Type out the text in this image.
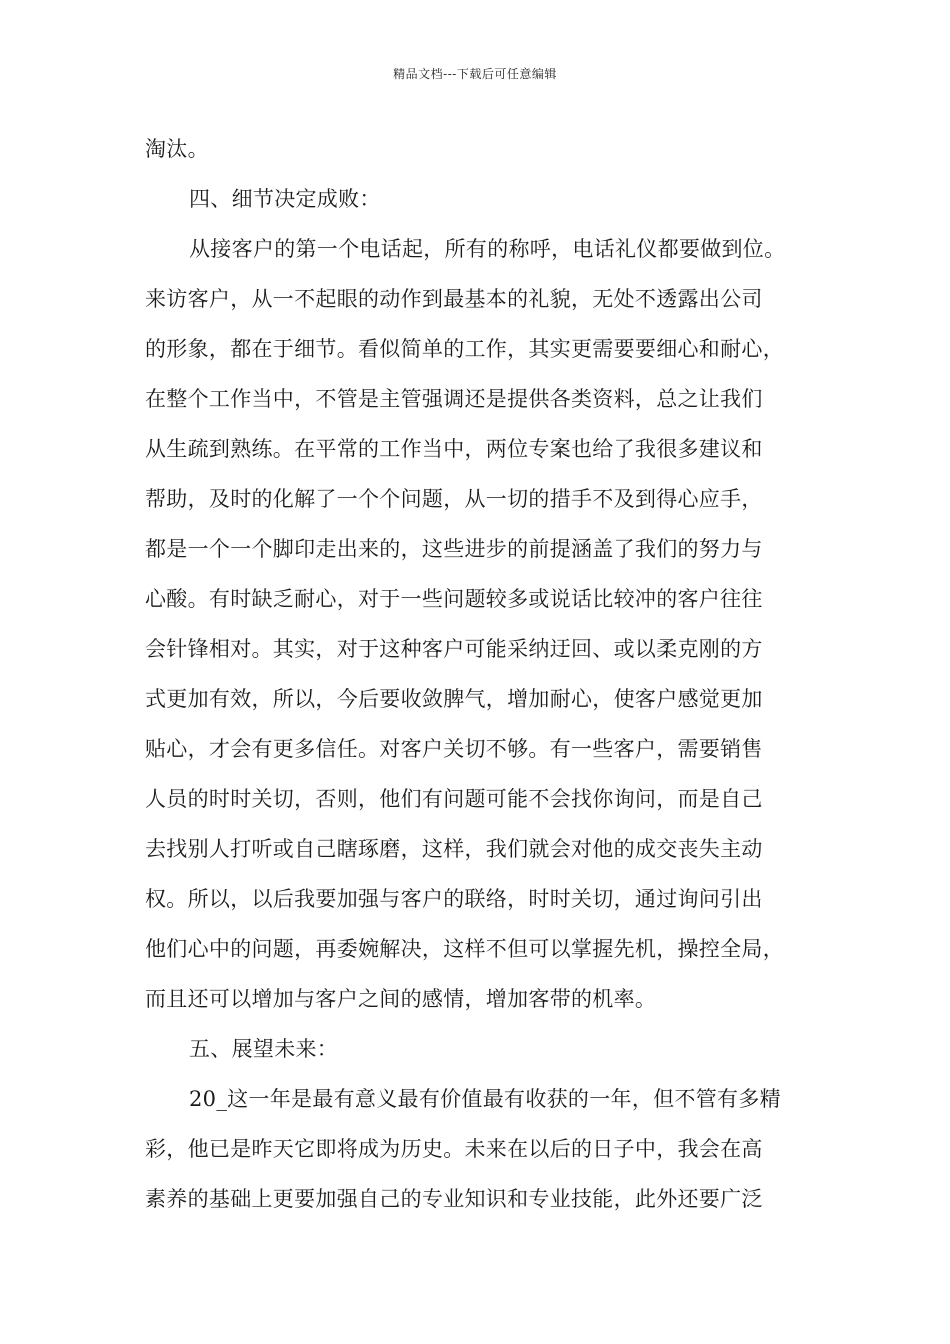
精品文档---下载后可任意编辑
淘汰。
四、细节决定成败：
从接客户的第一个电话起，所有的称呼，电话礼仪都要做到位。
来访客户，从一不起眼的动作到最基本的礼貌，无处不透露出公司
的形象，都在于细节。看似简单的工作，其实更需要要细心和耐心，
在整个工作当中，不管是主管强调还是提供各类资料，总之让我们
从生疏到熟练。在平常的工作当中，两位专案也给了我很多建议和
帮助，及时的化解了一个个问题，从一切的措手不及到得心应手，
都是一个一个脚印走出来的，这些进步的前提涵盖了我们的努力与
心酸。有时缺乏耐心，对于一些问题较多或说话比较冲的客户往往
会针锋相对。其实，对于这种客户可能采纳迂回、或以柔克刚的方
式更加有效，所以，今后要收敛脾气，增加耐心，使客户感觉更加
贴心，才会有更多信任。对客户关切不够。有一些客户，需要销售
人员的时时关切，否则，他们有问题可能不会找你询问，而是自己
去找别人打听或自己瞎琢磨，这样，我们就会对他的成交丧失主动
权。所以，以后我要加强与客户的联络，时时关切，通过询问引出
他们心中的问题，再委婉解决，这样不但可以掌握先机，操控全局，
而且还可以增加与客户之间的感情，增加客带的机率。
五、展望未来：
20_这一年是最有意义最有价值最有收获的一年，但不管有多精
彩，他已是昨天它即将成为历史。未来在以后的日子中，我会在高
素养的基础上更要加强自己的专业知识和专业技能，此外还要广泛
